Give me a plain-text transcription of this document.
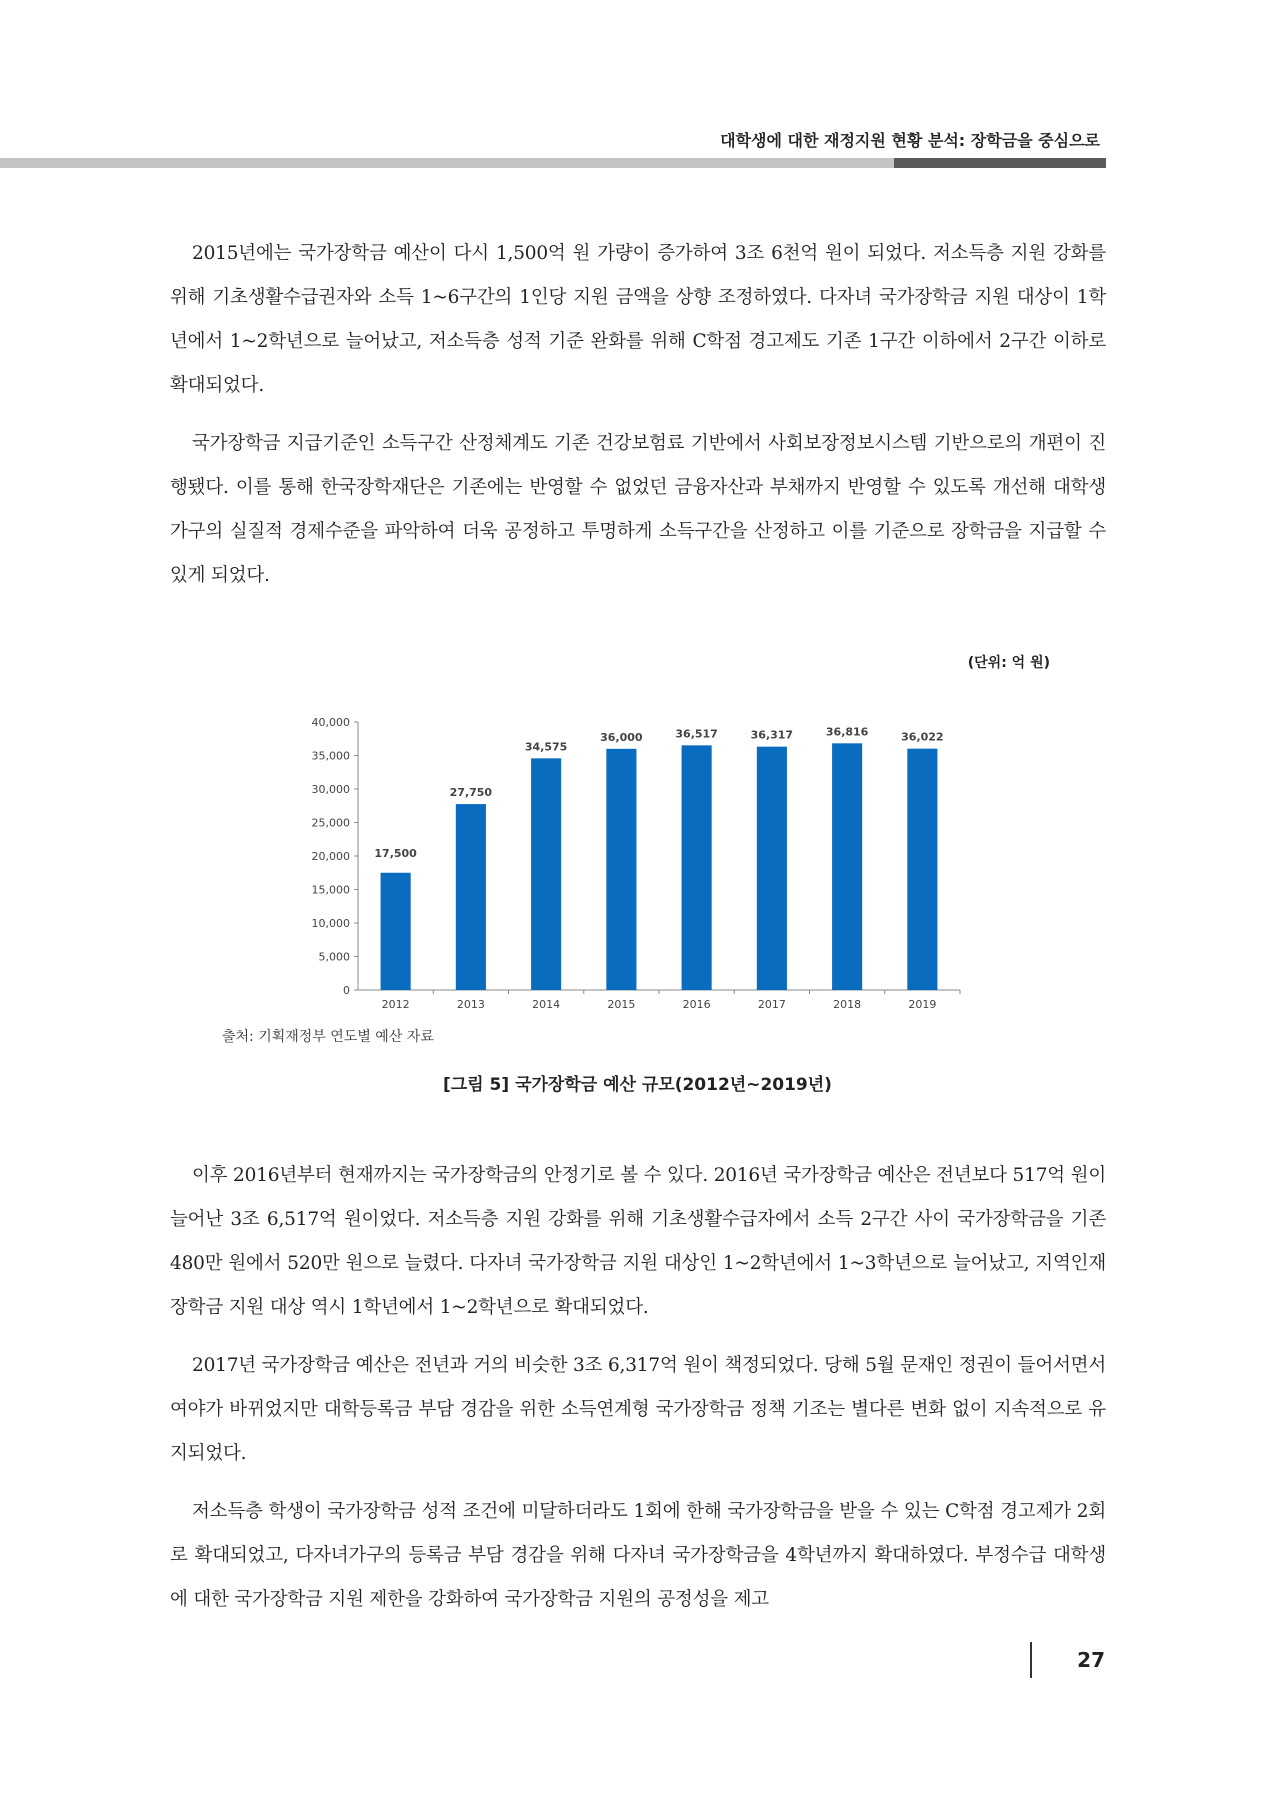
대학생에 대한 재정지원 현황 분석: 장학금을 중심으로

2015년에는 국가장학금 예산이 다시 1,500억 원 가량이 증가하여 3조 6천억 원이 되었다. 저소득층 지원 강화를 위해 기초생활수급권자와 소득 1~6구간의 1인당 지원 금액을 상향 조정하였다. 다자녀 국가장학금 지원 대상이 1학년에서 1~2학년으로 늘어났고, 저소득층 성적 기준 완화를 위해 C학점 경고제도 기존 1구간 이하에서 2구간 이하로 확대되었다.

국가장학금 지급기준인 소득구간 산정체계도 기존 건강보험료 기반에서 사회보장정보시스템 기반으로의 개편이 진행됐다. 이를 통해 한국장학재단은 기존에는 반영할 수 없었던 금융자산과 부채까지 반영할 수 있도록 개선해 대학생 가구의 실질적 경제수준을 파악하여 더욱 공정하고 투명하게 소득구간을 산정하고 이를 기준으로 장학금을 지급할 수 있게 되었다.

(단위: 억 원)
0
5,000
10,000
15,000
20,000
25,000
30,000
35,000
40,000
2012
17,500
2013
27,750
2014
34,575
2015
36,000
2016
36,517
2017
36,317
2018
36,816
2019
36,022
출처: 기획재정부 연도별 예산 자료
[그림 5] 국가장학금 예산 규모(2012년~2019년)

이후 2016년부터 현재까지는 국가장학금의 안정기로 볼 수 있다. 2016년 국가장학금 예산은 전년보다 517억 원이 늘어난 3조 6,517억 원이었다. 저소득층 지원 강화를 위해 기초생활수급자에서 소득 2구간 사이 국가장학금을 기존 480만 원에서 520만 원으로 늘렸다. 다자녀 국가장학금 지원 대상인 1~2학년에서 1~3학년으로 늘어났고, 지역인재장학금 지원 대상 역시 1학년에서 1~2학년으로 확대되었다.

2017년 국가장학금 예산은 전년과 거의 비슷한 3조 6,317억 원이 책정되었다. 당해 5월 문재인 정권이 들어서면서 여야가 바뀌었지만 대학등록금 부담 경감을 위한 소득연계형 국가장학금 정책 기조는 별다른 변화 없이 지속적으로 유지되었다.

저소득층 학생이 국가장학금 성적 조건에 미달하더라도 1회에 한해 국가장학금을 받을 수 있는 C학점 경고제가 2회로 확대되었고, 다자녀가구의 등록금 부담 경감을 위해 다자녀 국가장학금을 4학년까지 확대하였다. 부정수급 대학생에 대한 국가장학금 지원 제한을 강화하여 국가장학금 지원의 공정성을 제고

27
